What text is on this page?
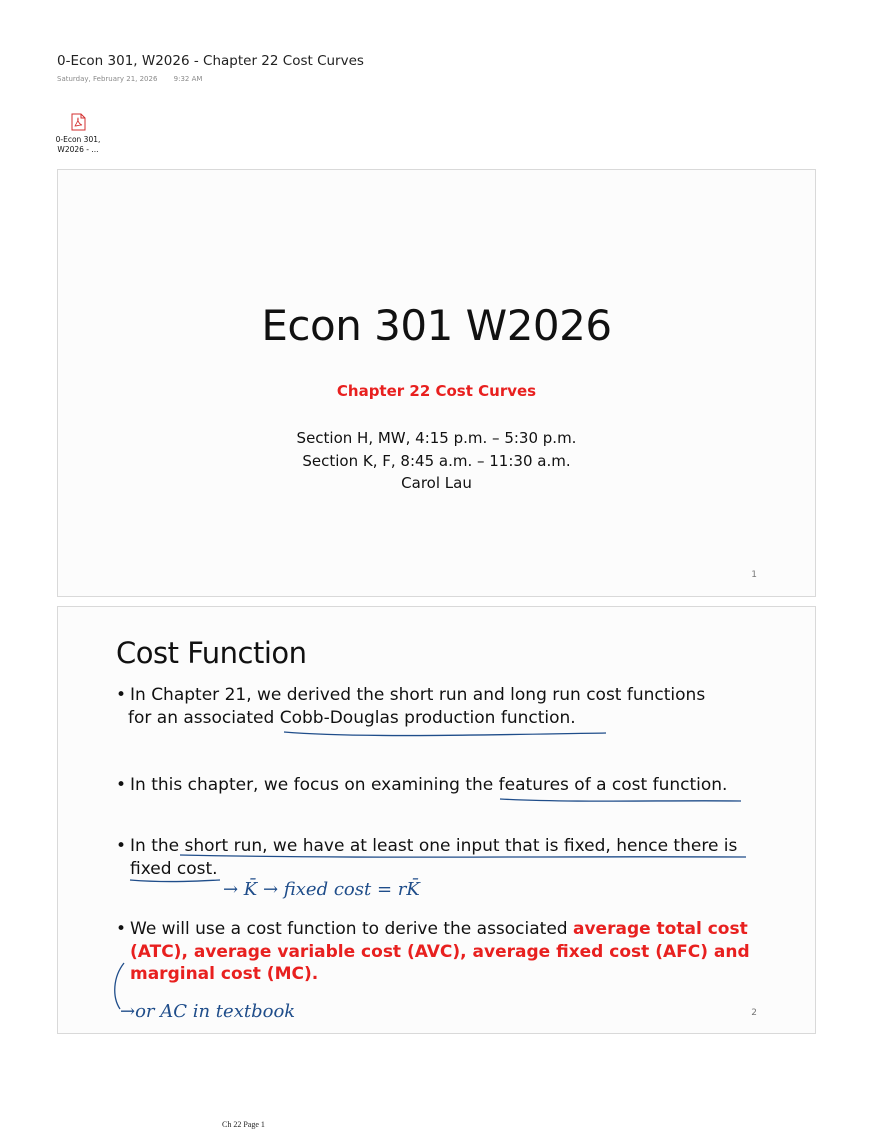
0-Econ 301, W2026 - Chapter 22 Cost Curves
Saturday, February 21, 2026 9:32 AM
0-Econ 301,
W2026 - ...
Econ 301 W2026
Chapter 22 Cost Curves
Section H, MW, 4:15 p.m. – 5:30 p.m.
Section K, F, 8:45 a.m. – 11:30 a.m.
Carol Lau
1
Cost Function
• In Chapter 21, we derived the short run and long run cost functions
for an associated Cobb-Douglas production function.
• In this chapter, we focus on examining the features of a cost function.
• In the short run, we have at least one input that is fixed, hence there is
fixed cost.
• We will use a cost function to derive the associated average total cost
(ATC), average variable cost (AVC), average fixed cost (AFC) and
marginal cost (MC).
→ K̄ → fixed cost = rK̄
→or AC in textbook	2
Ch 22 Page 1
